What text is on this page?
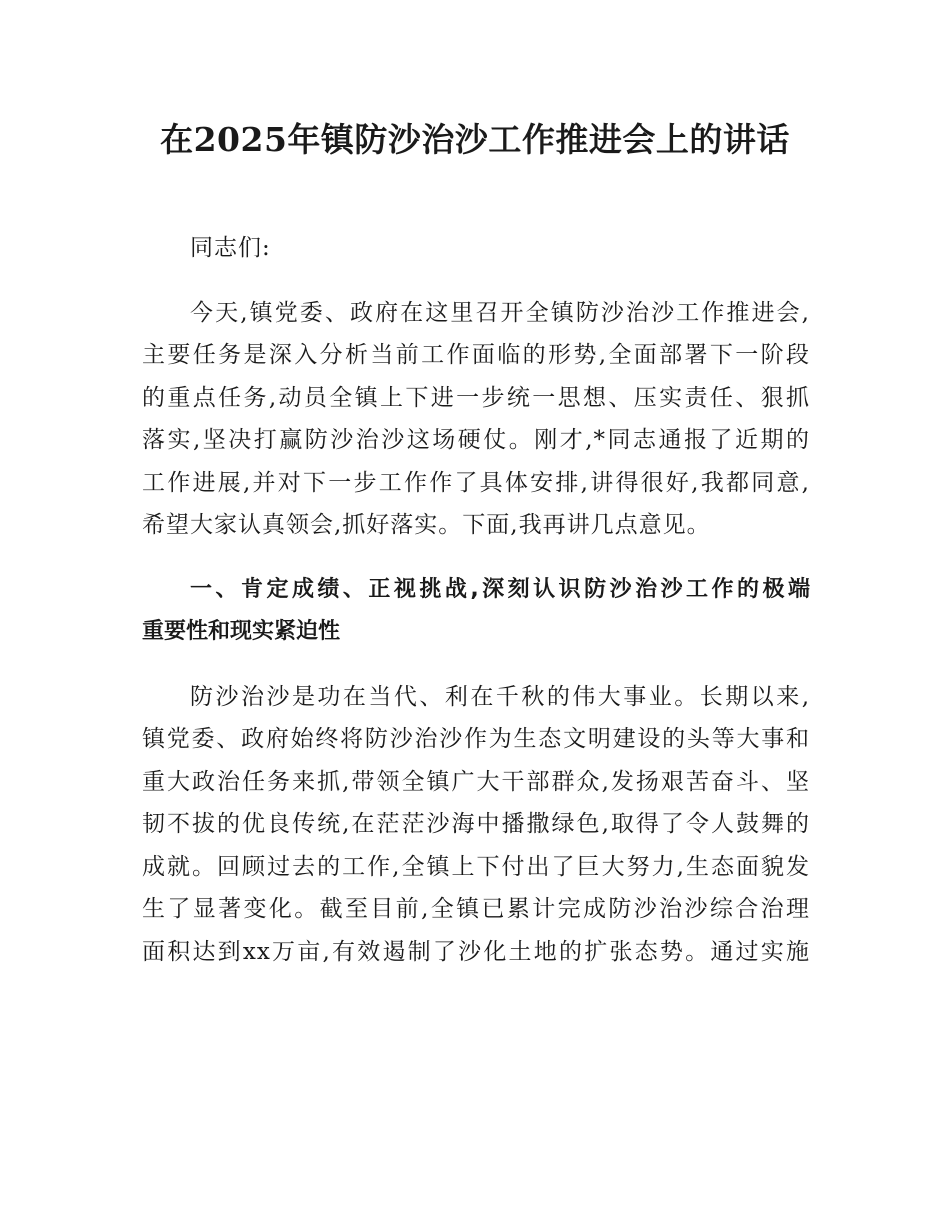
在2025年镇防沙治沙工作推进会上的讲话
同志们:
今天,镇党委、政府在这里召开全镇防沙治沙工作推进会,
主要任务是深入分析当前工作面临的形势,全面部署下一阶段
的重点任务,动员全镇上下进一步统一思想、压实责任、狠抓
落实,坚决打赢防沙治沙这场硬仗。刚才,*同志通报了近期的
工作进展,并对下一步工作作了具体安排,讲得很好,我都同意,
希望大家认真领会,抓好落实。下面,我再讲几点意见。
一、肯定成绩、正视挑战,深刻认识防沙治沙工作的极端
重要性和现实紧迫性
防沙治沙是功在当代、利在千秋的伟大事业。长期以来,
镇党委、政府始终将防沙治沙作为生态文明建设的头等大事和
重大政治任务来抓,带领全镇广大干部群众,发扬艰苦奋斗、坚
韧不拔的优良传统,在茫茫沙海中播撒绿色,取得了令人鼓舞的
成就。回顾过去的工作,全镇上下付出了巨大努力,生态面貌发
生了显著变化。截至目前,全镇已累计完成防沙治沙综合治理
面积达到xx万亩,有效遏制了沙化土地的扩张态势。通过实施
